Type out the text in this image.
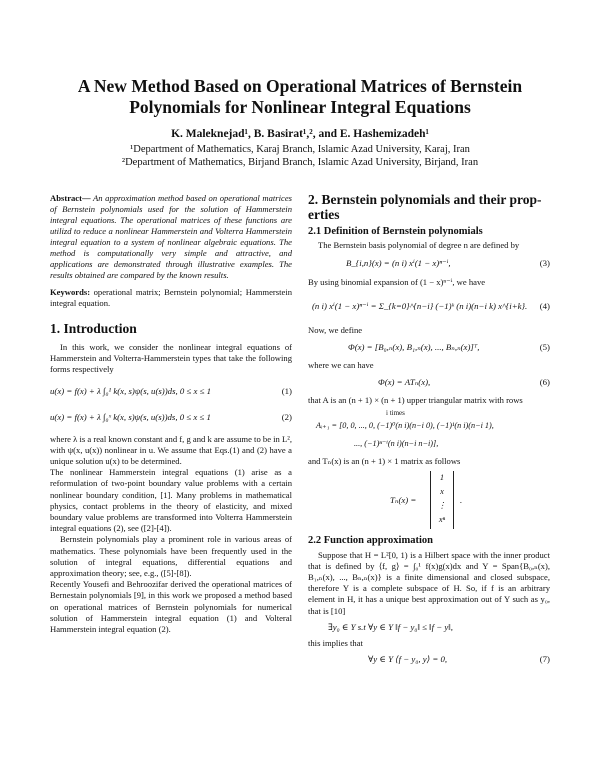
A New Method Based on Operational Matrices of Bernstein
Polynomials for Nonlinear Integral Equations
K. Maleknejad¹, B. Basirat¹,², and E. Hashemizadeh¹
¹Department of Mathematics, Karaj Branch, Islamic Azad University, Karaj, Iran
²Department of Mathematics, Birjand Branch, Islamic Azad University, Birjand, Iran

Abstract— An approximation method based on operational matrices of Bernstein polynomials used for the solution of Hammerstein integral equations. The operational matrices of these functions are utilizd to reduce a nonlinear Hammerstein and Volterra Hammerstein integral equation to a system of nonlinear algebraic equations. The method is computationally very simple and attractive, and applications are demonstrated through illustrative examples. The results obtained are compared by the known results.

Keywords: operational matrix; Bernstein polynomial; Hammerstein integral equation.

1. Introduction

In this work, we consider the nonlinear integral equations of Hammerstein and Volterra-Hammerstein types that take the following forms respectively

u(x) = f(x) + λ ∫₀¹ k(x, s)ψ(s, u(s))ds, 0 ≤ x ≤ 1	(1)
u(x) = f(x) + λ ∫₀ˣ k(x, s)ψ(s, u(s))ds, 0 ≤ x ≤ 1	(2)

where λ is a real known constant and f, g and k are assume to be in L², with ψ(x, u(x)) nonlinear in u. We assume that Eqs.(1) and (2) have a unique solution u(x) to be determined.

The nonlinear Hammerstein integral equations (1) arise as a reformulation of two-point boundary value problems with a certain nonlinear boundary condition, [1]. Many problems in mathematical physics, contact problems in the theory of elasticity, and mixed boundary value problems are transformed into Volterra Hammerstein integral equations (2), see ([2]-[4]).

Bernstein polynomials play a prominent role in various areas of mathematics. These polynomials have been frequently used in the solution of integral equations, differential equations and approximation theory; see, e.g., ([5]-[8]).

Recently Yousefi and Behroozifar derived the operational matrices of Bernestain polynomials [9], in this work we proposed a method based on operational matrices of Bernstein polynomials for numerical solution of Hammerstein integral equation (1) and Volteral Hammerstein integral equation (2).

2. Bernstein polynomials and their prop-
erties
2.1 Definition of Bernstein polynomials

The Bernstein basis polynomial of degree n are defined by

B_{i,n}(x) = (n i) xⁱ(1 − x)ⁿ⁻ⁱ,	(3)

By using binomial expansion of (1 − x)ⁿ⁻ⁱ, we have

(n i) xⁱ(1 − x)ⁿ⁻ⁱ = Σ_{k=0}^{n−i} (−1)ᵏ (n i)(n−i k) x^{i+k}. (4)

Now, we define

Φ(x) = [B₀,ₙ(x), B₁,ₙ(x), ..., Bₙ,ₙ(x)]ᵀ,	(5)

where we can have

Φ(x) = ATₙ(x),	(6)

that A is an (n + 1) × (n + 1) upper triangular matrix with rows

i times
Aᵢ₊₁ = [0, 0, ..., 0, (−1)⁰(n i)(n−i 0), (−1)¹(n i)(n−i 1),
..., (−1)ⁿ⁻ⁱ(n i)(n−i n−i)],

and Tₙ(x) is an (n + 1) × 1 matrix as follows

Tₙ(x) =
1
x
⋮
xⁿ
.
2.2 Function approximation

Suppose that H = L²[0, 1) is a Hilbert space with the inner product that is defined by ⟨f, g⟩ = ∫₀¹ f(x)g(x)dx and Y = Span{B₀,ₙ(x), B₁,ₙ(x), ..., Bₙ,ₙ(x)} is a finite dimensional and closed subspace, therefore Y is a complete subspace of H. So, if f is an arbitrary element in H, it has a unique best approximation out of Y such as y₀, that is [10]

∃y₀ ∈ Y s.t ∀y ∈ Y ‖f − y₀‖ ≤ ‖f − y‖,

this implies that

∀y ∈ Y ⟨f − y₀, y⟩ = 0,	(7)
